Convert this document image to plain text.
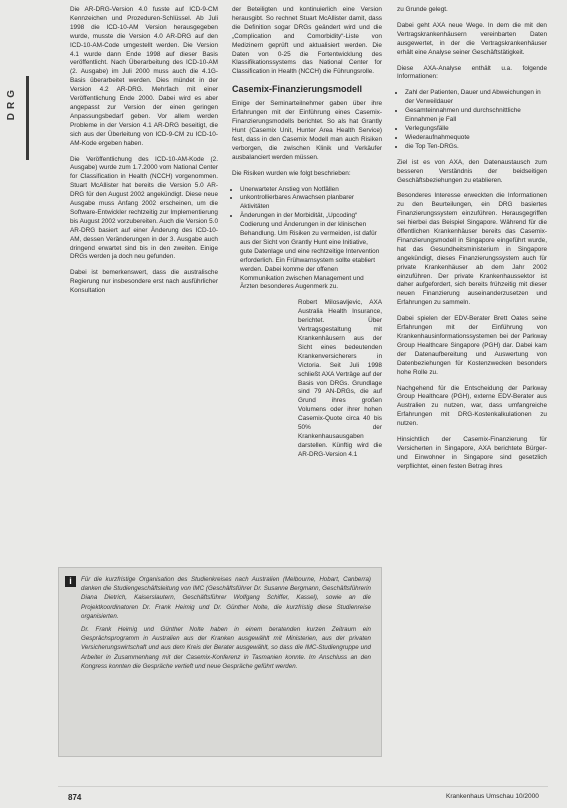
DRG

Die AR-DRG-Version 4.0 fusste auf ICD-9-CM Kennzeichen und Prozeduren-Schlüssel. Ab Juli 1998 die ICD-10-AM Version herausgegeben wurde, musste die Version 4.0 AR-DRG auf den ICD-10-AM-Code umgestellt werden. Die Version 4.1 wurde dann Ende 1998 auf dieser Basis veröffentlicht. Nach Überarbeitung des ICD-10-AM (2. Ausgabe) im Juli 2000 muss auch die 4.1G-Basis überarbeitet werden. Dies mündet in der Version 4.2 AR-DRG. Mehrfach mit einer Veröffentlichung Ende 2000. Dabei wird es aber angepasst zur Version der einen geringen Anpassungsbedarf geben. Vor allem werden Probleme in der Version 4.1 AR-DRG beseitigt, die sich aus der Überleitung von ICD-9-CM zu ICD-10-AM-Kode ergeben haben.

Die Veröffentlichung des ICD-10-AM-Kode (2. Ausgabe) wurde zum 1.7.2000 vom National Center for Classification in Health (NCCH) vorgenommen. Stuart McAllister hat bereits die Version 5.0 AR-DRG für den August 2002 angekündigt. Diese neue Ausgabe muss Anfang 2002 erscheinen, um die Software-Entwickler rechtzeitig zur Implementierung bis August 2002 vorzubereiten. Auch die Version 5.0 AR-DRG basiert auf einer Änderung des ICD-10-AM, dessen Veränderungen in der 3. Ausgabe auch dringend erwartet sind bis in den zweiten. Einige DRGs werden ja doch neu gefunden.

Dabei ist bemerkenswert, dass die australische Regierung nur insbesondere erst nach ausführlicher Konsultation

der Beteiligten und kontinuierlich eine Version herausgibt. So rechnet Stuart McAllister damit, dass die Definition sogar DRGs geändert wird und die „Complication and Comorbidity“-Liste von Medizinern geprüft und aktualisiert werden. Die Daten von 0-25 die Fortentwicklung des Klassifikationssystems das National Center for Classification in Health (NCCH) die Führungsrolle.

Casemix-Finanzierungsmodell

Einige der Seminarteilnehmer gaben über ihre Erfahrungen mit der Einführung eines Casemix-Finanzierungsmodells berichtet. So als hat Grantly Hunt (Casemix Unit, Hunter Area Health Service) fest, dass in den Casemix Modell man auch Risiken verborgen, die zwischen Klinik und Verkäufer ausbalanciert werden müssen.

Die Risiken wurden wie folgt beschrieben:

• Unerwarteter Anstieg von Notfällen
• unkontrollierbares Anwachsen planbarer Aktivitäten
• Änderungen in der Morbidität, „Upcoding“ Codierung und Änderungen in der klinischen Behandlung. Um Risiken zu vermeiden, ist dafür aus der Sicht von Grantly Hunt eine Initiative, gute Datenlage und eine rechtzeitige Intervention erforderlich. Ein Frühwarnsystem sollte etabliert werden. Dabei komme der offenen Kommunikation zwischen Management und Ärzten besonderes Augenmerk zu.

Robert Milosavljevic, AXA Australia Health Insurance, berichtet. Über Vertragsgestaltung mit Krankenhäusern aus der Sicht eines bedeutenden Krankenversicherers in Victoria. Seit Juli 1998 schließt AXA Verträge auf der Basis von DRGs. Grundlage sind 79 AN-DRGs, die auf Grund ihres großen Volumens oder ihrer hohen Casemix-Quote circa 40 bis 50% der Krankenhausausgaben darstellen. Künftig wird die AR-DRG-Version 4.1

zu Grunde gelegt.

Dabei geht AXA neue Wege. In dem die mit den Vertragskrankenhäusern vereinbarten Daten ausgewertet, in der die Vertragskrankenhäuser erhält eine Analyse seiner Geschäftstätigkeit.

Diese AXA-Analyse enthält u.a. folgende Informationen:

• Zahl der Patienten, Dauer und Abweichungen in der Verweildauer
• Gesamteinnahmen und durchschnittliche Einnahmen je Fall
• Verlegungsfälle
• Wiederaufnahmequote
• die Top Ten-DRGs.

Ziel ist es von AXA, den Datenaustausch zum besseren Verständnis der beidseitigen Geschäftsbeziehungen zu etablieren.

Besonderes Interesse erweckten die Informationen zu den Beurteilungen, ein DRG basiertes Finanzierungssystem einzuführen. Herausgegriffen sei hierbei das Beispiel Singapore. Während für die öffentlichen Krankenhäuser bereits das Casemix-Finanzierungsmodell in Singapore eingeführt wurde, hat das Gesundheitsministerium in Singapore angekündigt, dieses Finanzierungssystem auch für private Krankenhäuser ab dem Jahr 2002 einzuführen. Der private Krankenhaussektor ist daher aufgefordert, sich bereits frühzeitig mit dieser neuen Finanzierung auseinanderzusetzen und Erfahrungen zu sammeln.

Dabei spielen der EDV-Berater Brett Oates seine Erfahrungen mit der Einführung von Krankenhausinformationssystemen bei der Parkway Group Healthcare Singapore (PGH) dar. Dabei kam der Datenaufbereitung und Auswertung von Datenbeziehungen für Kostenzwecken besonders hohe Rolle zu.

Nachgehend für die Entscheidung der Parkway Group Healthcare (PGH), externe EDV-Berater aus Australien zu nutzen, war, dass umfangreiche Erfahrungen mit DRG-Kostenkalkulationen zu nutzen.

Hinsichtlich der Casemix-Finanzierung für Versicherten in Singapore, AXA berichtete Bürger- und Einwohner in Singapore sind gesetzlich verpflichtet, einen festen Betrag ihres

i	Für die kurzfristige Organisation des Studienkreises nach Australien (Melbourne, Hobart, Canberra) danken die Studiengeschäftsleitung von IMC (Geschäftsführer Dr. Susanne Bergmann, Geschäftsführerin Diana Dietrich, Kaiserslautern, Geschäftsführer Wolfgang Schiffer, Kassel), sowie an die Projektkoordinatoren Dr. Frank Heimig und Dr. Günther Nolte, die kurzfristig diese Studienreise organisierten.

Dr. Frank Heimig und Günther Nolte haben in einem beratenden kurzen Zeitraum ein Gesprächsprogramm in Australien aus der Kranken ausgewählt mit Ministerien, aus der privaten Versicherungswirtschaft und aus dem Kreis der Berater ausgewählt, so dass die IMC-Studiengruppe und Arbeiter in Zusammenhang mit der Casemix-Konferenz in Tasmanien konnte. Im Anschluss an den Kongress konnten die Gespräche vertieft und neue Gespräche geführt werden.

874	Krankenhaus Umschau 10/2000
